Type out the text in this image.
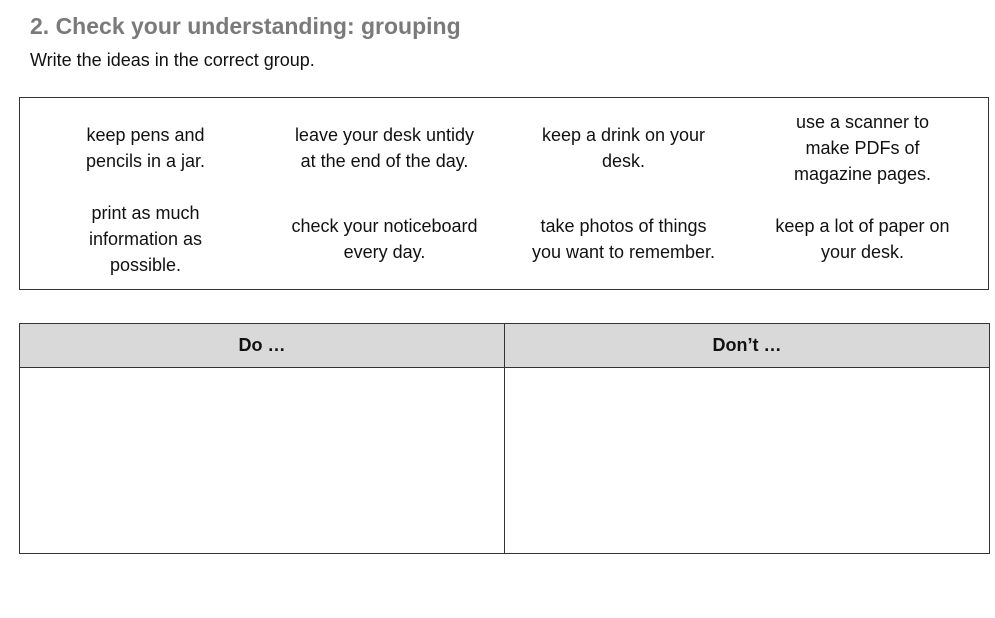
2. Check your understanding: grouping
Write the ideas in the correct group.
keep pens and pencils in a jar.
leave your desk untidy at the end of the day.
keep a drink on your desk.
use a scanner to make PDFs of magazine pages.
print as much information as possible.
check your noticeboard every day.
take photos of things you want to remember.
keep a lot of paper on your desk.
Do …	Don’t …
